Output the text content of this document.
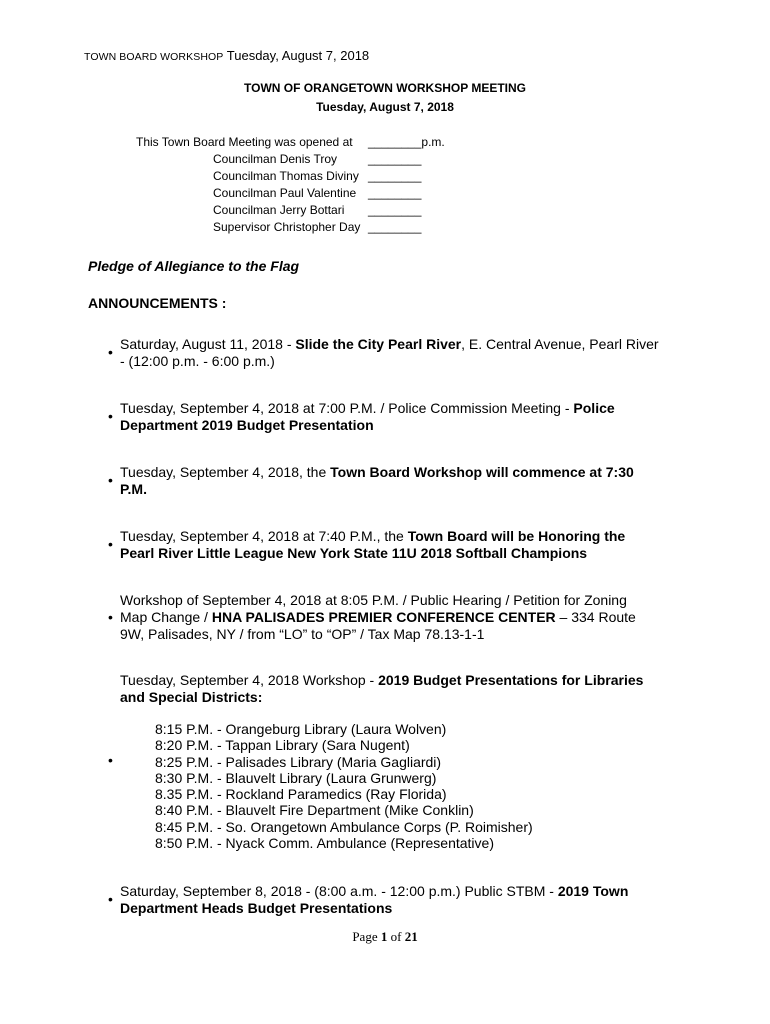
TOWN BOARD WORKSHOP Tuesday, August 7, 2018
TOWN OF ORANGETOWN WORKSHOP MEETING
Tuesday, August 7, 2018
This Town Board Meeting was opened at ________p.m.
Councilman Denis Troy	________
Councilman Thomas Diviny ________
Councilman Paul Valentine ________
Councilman Jerry Bottari ________
Supervisor Christopher Day ________
Pledge of Allegiance to the Flag
ANNOUNCEMENTS :
• Saturday, August 11, 2018 - Slide the City Pearl River, E. Central Avenue, Pearl River
- (12:00 p.m. - 6:00 p.m.)
• Tuesday, September 4, 2018 at 7:00 P.M. / Police Commission Meeting - Police
Department 2019 Budget Presentation
• Tuesday, September 4, 2018, the Town Board Workshop will commence at 7:30
P.M.
• Tuesday, September 4, 2018 at 7:40 P.M., the Town Board will be Honoring the
Pearl River Little League New York State 11U 2018 Softball Champions
•
Workshop of September 4, 2018 at 8:05 P.M. / Public Hearing / Petition for Zoning
Map Change / HNA PALISADES PREMIER CONFERENCE CENTER – 334 Route
9W, Palisades, NY / from “LO” to “OP” / Tax Map 78.13-1-1
Tuesday, September 4, 2018 Workshop - 2019 Budget Presentations for Libraries
and Special Districts:
•
8:15 P.M. - Orangeburg Library (Laura Wolven)
8:20 P.M. - Tappan Library (Sara Nugent)
8:25 P.M. - Palisades Library (Maria Gagliardi)
8:30 P.M. - Blauvelt Library (Laura Grunwerg)
8.35 P.M. - Rockland Paramedics (Ray Florida)
8:40 P.M. - Blauvelt Fire Department (Mike Conklin)
8:45 P.M. - So. Orangetown Ambulance Corps (P. Roimisher)
8:50 P.M. - Nyack Comm. Ambulance (Representative)
• Saturday, September 8, 2018 - (8:00 a.m. - 12:00 p.m.) Public STBM - 2019 Town
Department Heads Budget Presentations
Page 1 of 21
